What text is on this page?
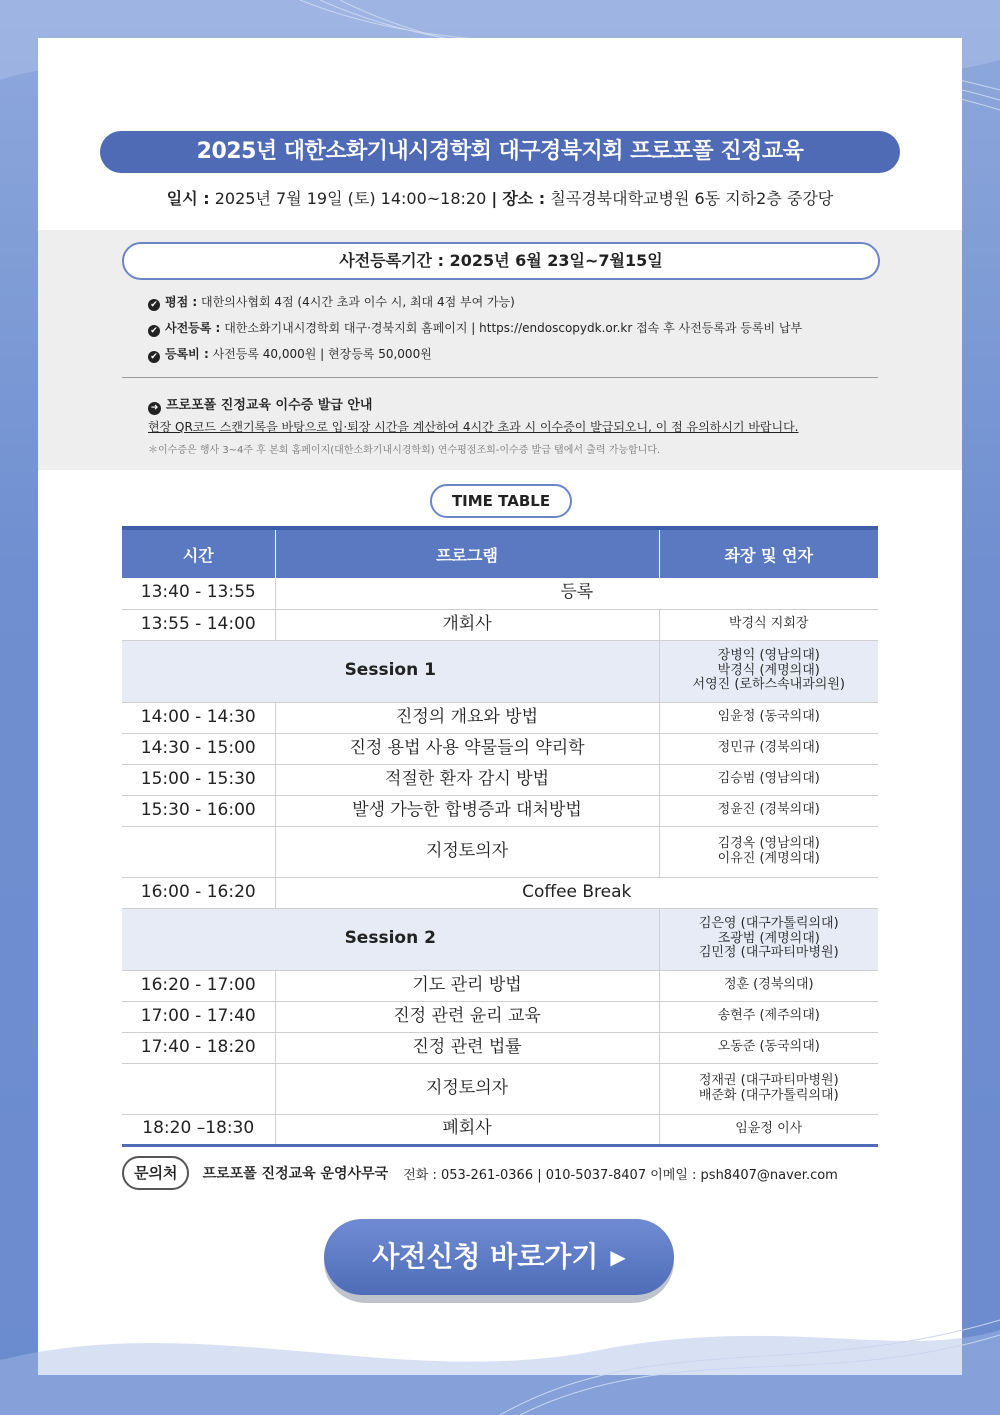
2025년 대한소화기내시경학회 대구경북지회 프로포폴 진정교육
일시 : 2025년 7월 19일 (토) 14:00~18:20 | 장소 : 칠곡경북대학교병원 6동 지하2층 중강당
사전등록기간 : 2025년 6월 23일~7월15일
✔ 평점 : 대한의사협회 4점 (4시간 초과 이수 시, 최대 4점 부여 가능)
✔ 사전등록 : 대한소화기내시경학회 대구·경북지회 홈페이지 | https://endoscopydk.or.kr 접속 후 사전등록과 등록비 납부
✔ 등록비 : 사전등록 40,000원 | 현장등록 50,000원
➜ 프로포폴 진정교육 이수증 발급 안내
현장 QR코드 스캔기록을 바탕으로 입·퇴장 시간을 계산하여 4시간 초과 시 이수증이 발급되오니, 이 점 유의하시기 바랍니다.
＊이수증은 행사 3~4주 후 본회 홈페이지(대한소화기내시경학회) 연수평점조회-이수증 발급 탭에서 출력 가능합니다.
TIME TABLE
시간	프로그램	좌장 및 연자
13:40 - 13:55	등록	
13:55 - 14:00	개회사	박경식 지회장
Session 1		장병익 (영남의대)
박경식 (계명의대)
서영진 (로하스속내과의원)
14:00 - 14:30	진정의 개요와 방법	임윤정 (동국의대)
14:30 - 15:00	진정 용법 사용 약물들의 약리학	정민규 (경북의대)
15:00 - 15:30	적절한 환자 감시 방법	김승범 (영남의대)
15:30 - 16:00	발생 가능한 합병증과 대처방법	정윤진 (경북의대)
	지정토의자	김경옥 (영남의대)
이유진 (계명의대)
16:00 - 16:20	Coffee Break	
Session 2		김은영 (대구가톨릭의대)
조광범 (계명의대)
김민정 (대구파티마병원)
16:20 - 17:00	기도 관리 방법	정훈 (경북의대)
17:00 - 17:40	진정 관련 윤리 교육	송현주 (제주의대)
17:40 - 18:20	진정 관련 법률	오동준 (동국의대)
	지정토의자	정재권 (대구파티마병원)
배준화 (대구가톨릭의대)
18:20 –18:30	폐회사	임윤정 이사
문의처 프로포폴 진정교육 운영사무국 전화 : 053-261-0366 | 010-5037-8407 이메일 : psh8407@naver.com
사전신청 바로가기 ▶
